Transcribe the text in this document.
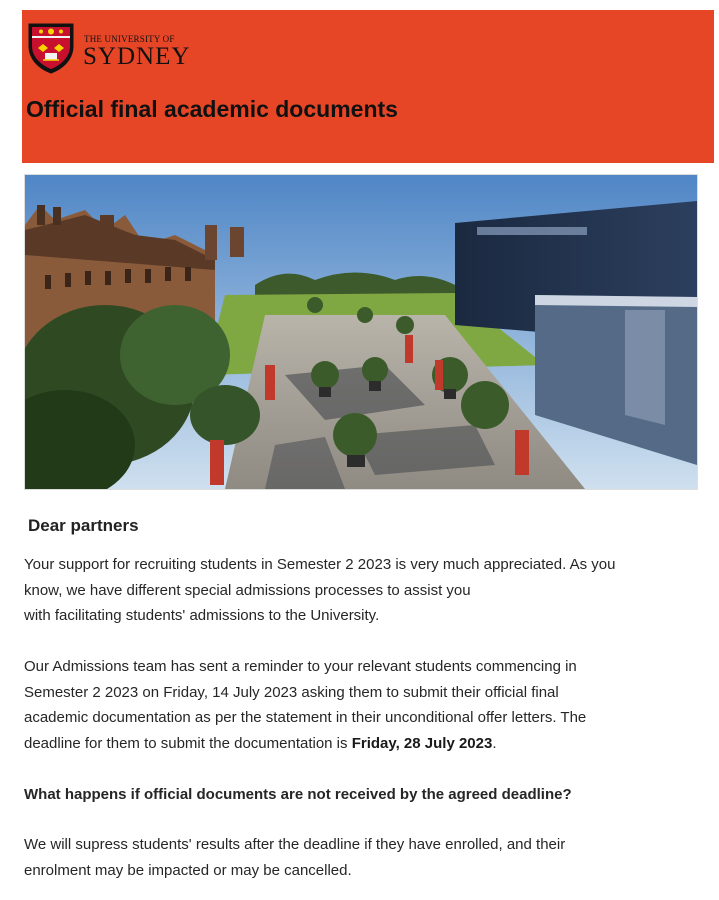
THE UNIVERSITY OF
SYDNEY
Official final academic documents
Dear partners

Your support for recruiting students in Semester 2 2023 is very much appreciated. As you
know, we have different special admissions processes to assist you
with facilitating students' admissions to the University.

Our Admissions team has sent a reminder to your relevant students commencing in
Semester 2 2023 on Friday, 14 July 2023 asking them to submit their official final
academic documentation as per the statement in their unconditional offer letters. The
deadline for them to submit the documentation is Friday, 28 July 2023.

What happens if official documents are not received by the agreed deadline?

We will supress students' results after the deadline if they have enrolled, and their
enrolment may be impacted or may be cancelled.
